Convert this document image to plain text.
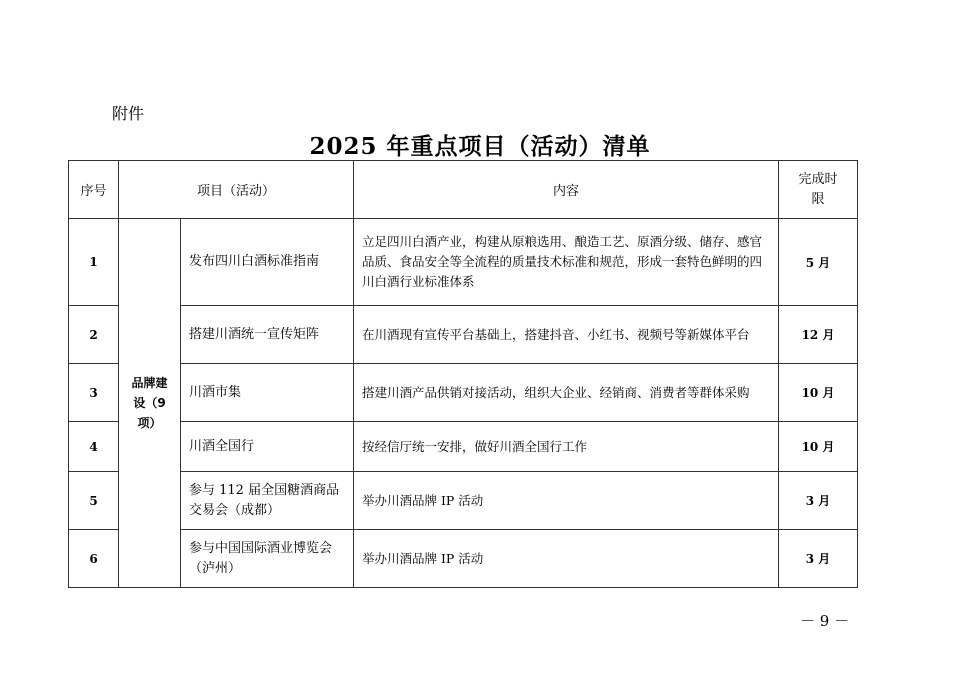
附件
2025 年重点项目（活动）清单
序号	项目（活动）		内容	完成时限
1	品牌建设（9 项）	发布四川白酒标准指南	立足四川白酒产业，构建从原粮选用、酿造工艺、原酒分级、储存、感官品质、食品安全等全流程的质量技术标准和规范，形成一套特色鲜明的四川白酒行业标准体系	5 月
2		搭建川酒统一宣传矩阵	在川酒现有宣传平台基础上，搭建抖音、小红书、视频号等新媒体平台	12 月
3		川酒市集	搭建川酒产品供销对接活动，组织大企业、经销商、消费者等群体采购	10 月
4		川酒全国行	按经信厅统一安排，做好川酒全国行工作	10 月
5		参与 112 届全国糖酒商品交易会（成都）	举办川酒品牌 IP 活动	3 月
6		参与中国国际酒业博览会（泸州）	举办川酒品牌 IP 活动	3 月
－ 9 －
